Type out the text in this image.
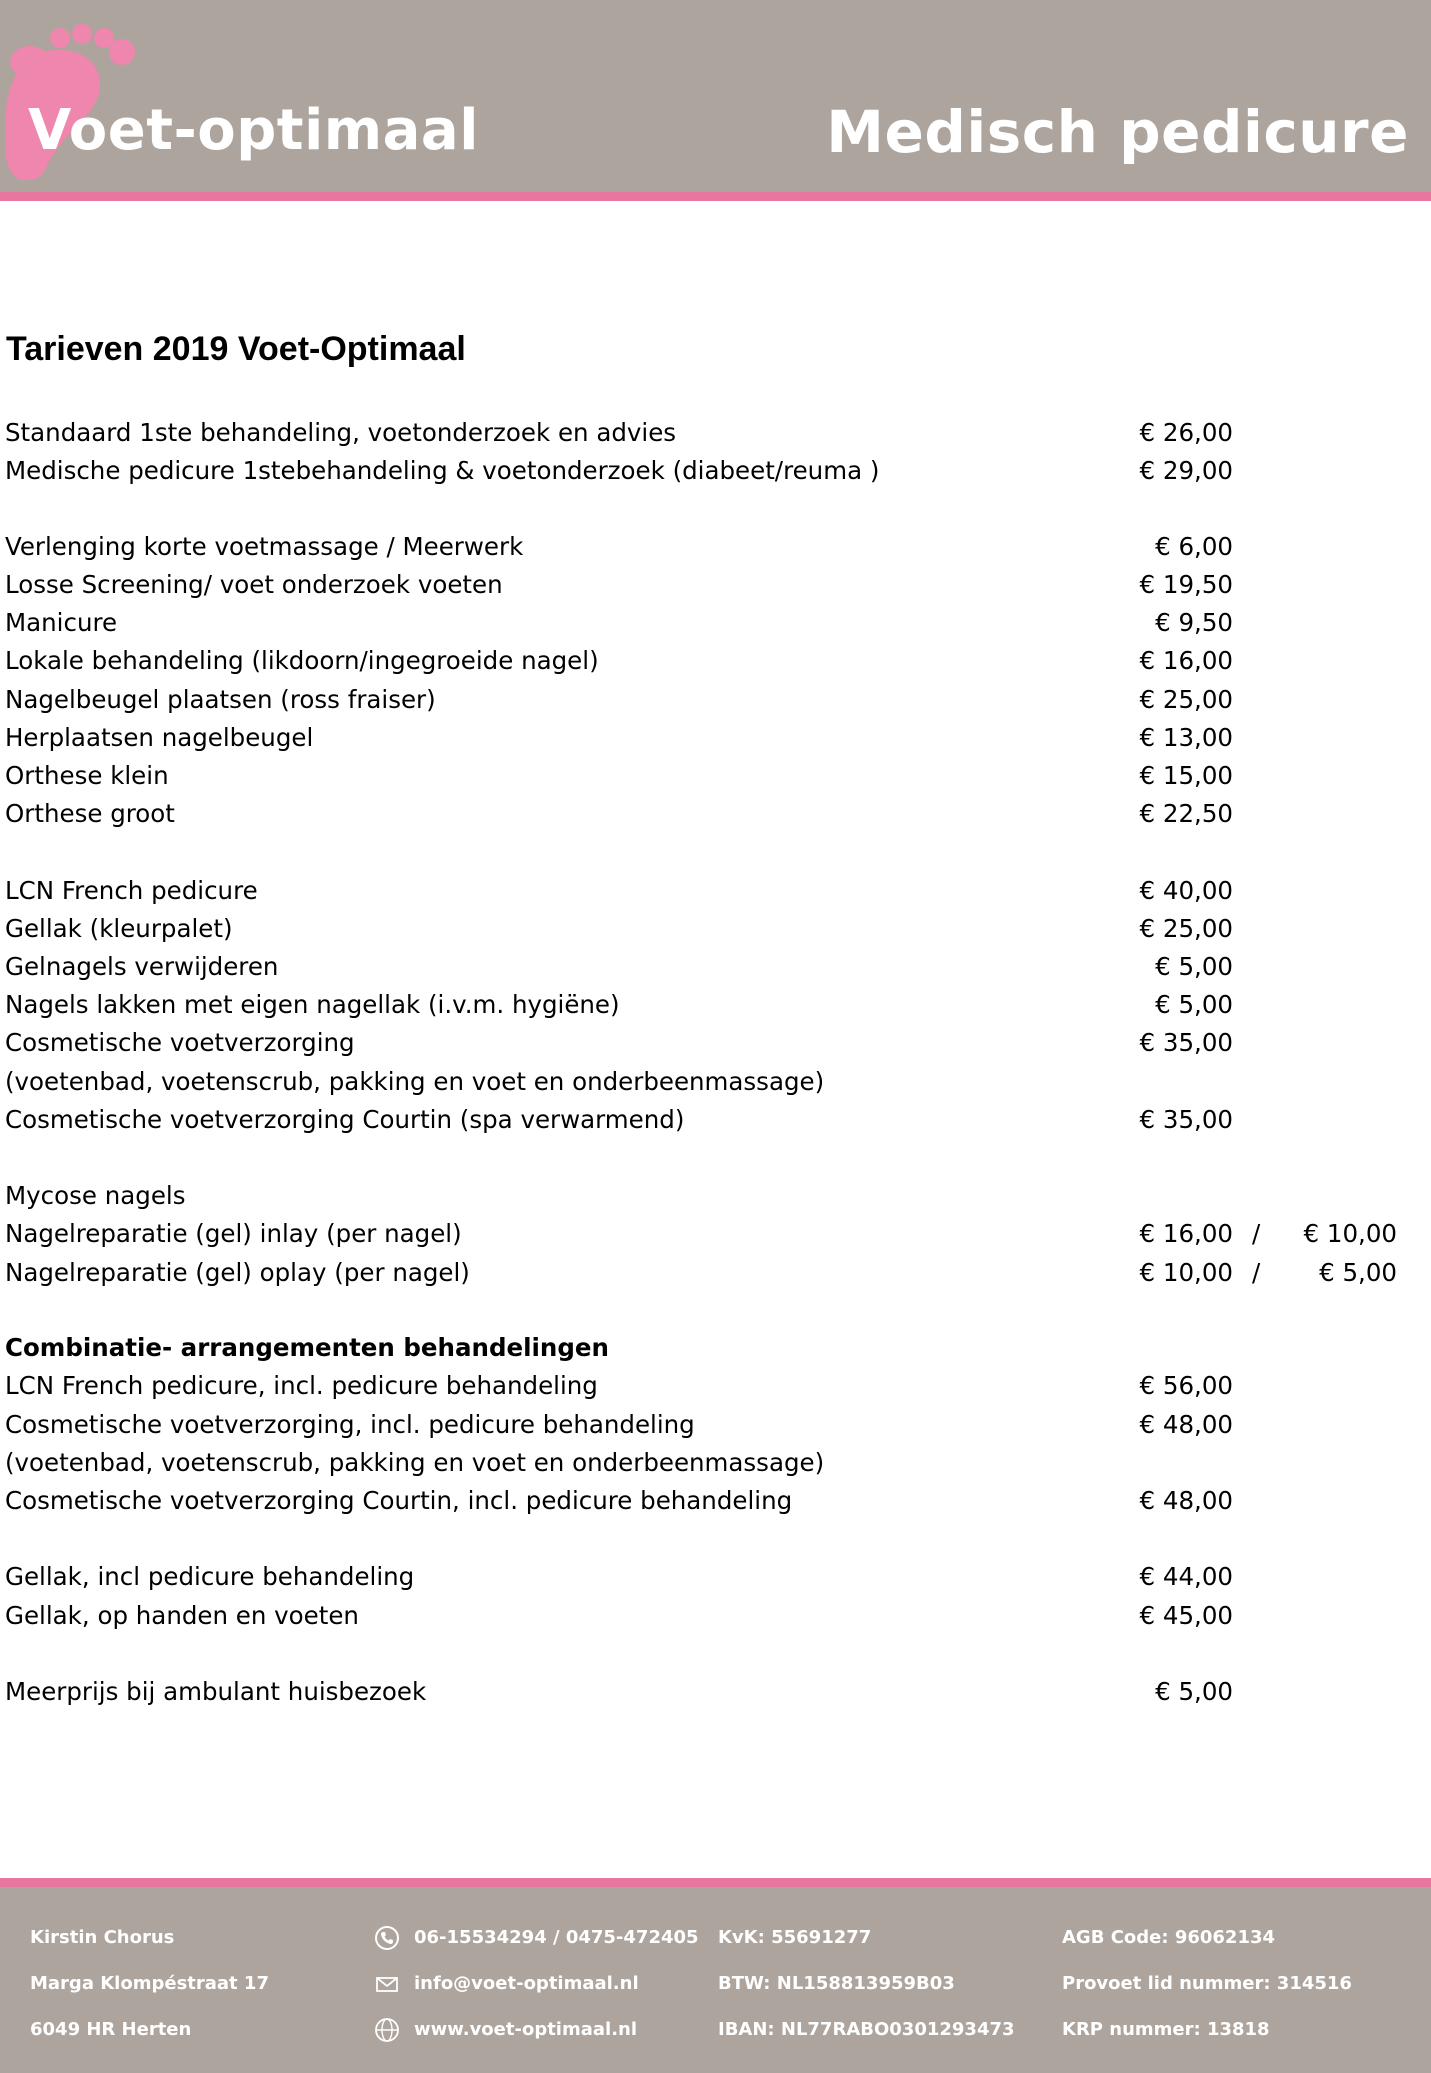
Voet-optimaal	Medisch pedicure
Tarieven 2019 Voet-Optimaal
Standaard 1ste behandeling, voetonderzoek en advies	€ 26,00
Medische pedicure 1stebehandeling & voetonderzoek (diabeet/reuma )	€ 29,00
Verlenging korte voetmassage / Meerwerk	€ 6,00
Losse Screening/ voet onderzoek voeten	€ 19,50
Manicure	€ 9,50
Lokale behandeling (likdoorn/ingegroeide nagel)	€ 16,00
Nagelbeugel plaatsen (ross fraiser)	€ 25,00
Herplaatsen nagelbeugel	€ 13,00
Orthese klein	€ 15,00
Orthese groot	€ 22,50
LCN French pedicure	€ 40,00
Gellak (kleurpalet)	€ 25,00
Gelnagels verwijderen	€ 5,00
Nagels lakken met eigen nagellak (i.v.m. hygiëne)	€ 5,00
Cosmetische voetverzorging	€ 35,00
(voetenbad, voetenscrub, pakking en voet en onderbeenmassage)
Cosmetische voetverzorging Courtin (spa verwarmend)	€ 35,00
Mycose nagels
Nagelreparatie (gel) inlay (per nagel)	€ 16,00 / € 10,00
Nagelreparatie (gel) oplay (per nagel)	€ 10,00 / € 5,00
Combinatie- arrangementen behandelingen
LCN French pedicure, incl. pedicure behandeling	€ 56,00
Cosmetische voetverzorging, incl. pedicure behandeling	€ 48,00
(voetenbad, voetenscrub, pakking en voet en onderbeenmassage)
Cosmetische voetverzorging Courtin, incl. pedicure behandeling	€ 48,00
Gellak, incl pedicure behandeling	€ 44,00
Gellak, op handen en voeten	€ 45,00
Meerprijs bij ambulant huisbezoek	€ 5,00
Kirstin Chorus
Marga Klompéstraat 17
6049 HR Herten
06-15534294 / 0475-472405
info@voet-optimaal.nl
www.voet-optimaal.nl
KvK: 55691277
BTW: NL158813959B03
IBAN: NL77RABO0301293473
AGB Code: 96062134
Provoet lid nummer: 314516
KRP nummer: 13818
